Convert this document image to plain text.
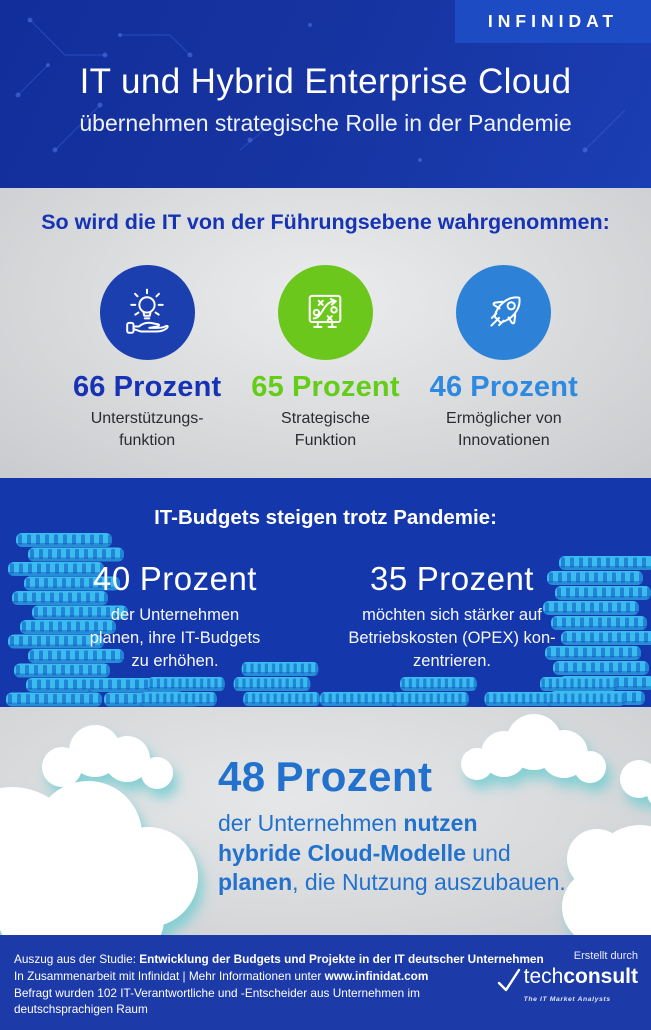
INFINIDAT
IT und Hybrid Enterprise Cloud
übernehmen strategische Rolle in der Pandemie
So wird die IT von der Führungsebene wahrgenommen:
66 Prozent
Unterstützungs-
funktion
65 Prozent
Strategische
Funktion
46 Prozent
Ermöglicher von
Innovationen
IT-Budgets steigen trotz Pandemie:
40 Prozent
der Unternehmen
planen, ihre IT-Budgets
zu erhöhen.
35 Prozent
möchten sich stärker auf
Betriebskosten (OPEX) kon-
zentrieren.
48 Prozent
der Unternehmen nutzen
hybride Cloud-Modelle und
planen, die Nutzung auszubauen.
Auszug aus der Studie: Entwicklung der Budgets und Projekte in der IT deutscher Unternehmen
In Zusammenarbeit mit Infinidat | Mehr Informationen unter www.infinidat.com
Befragt wurden 102 IT-Verantwortliche und -Entscheider aus Unternehmen im
deutschsprachigen Raum
Erstellt durch
techconsult
The IT Market Analysts
